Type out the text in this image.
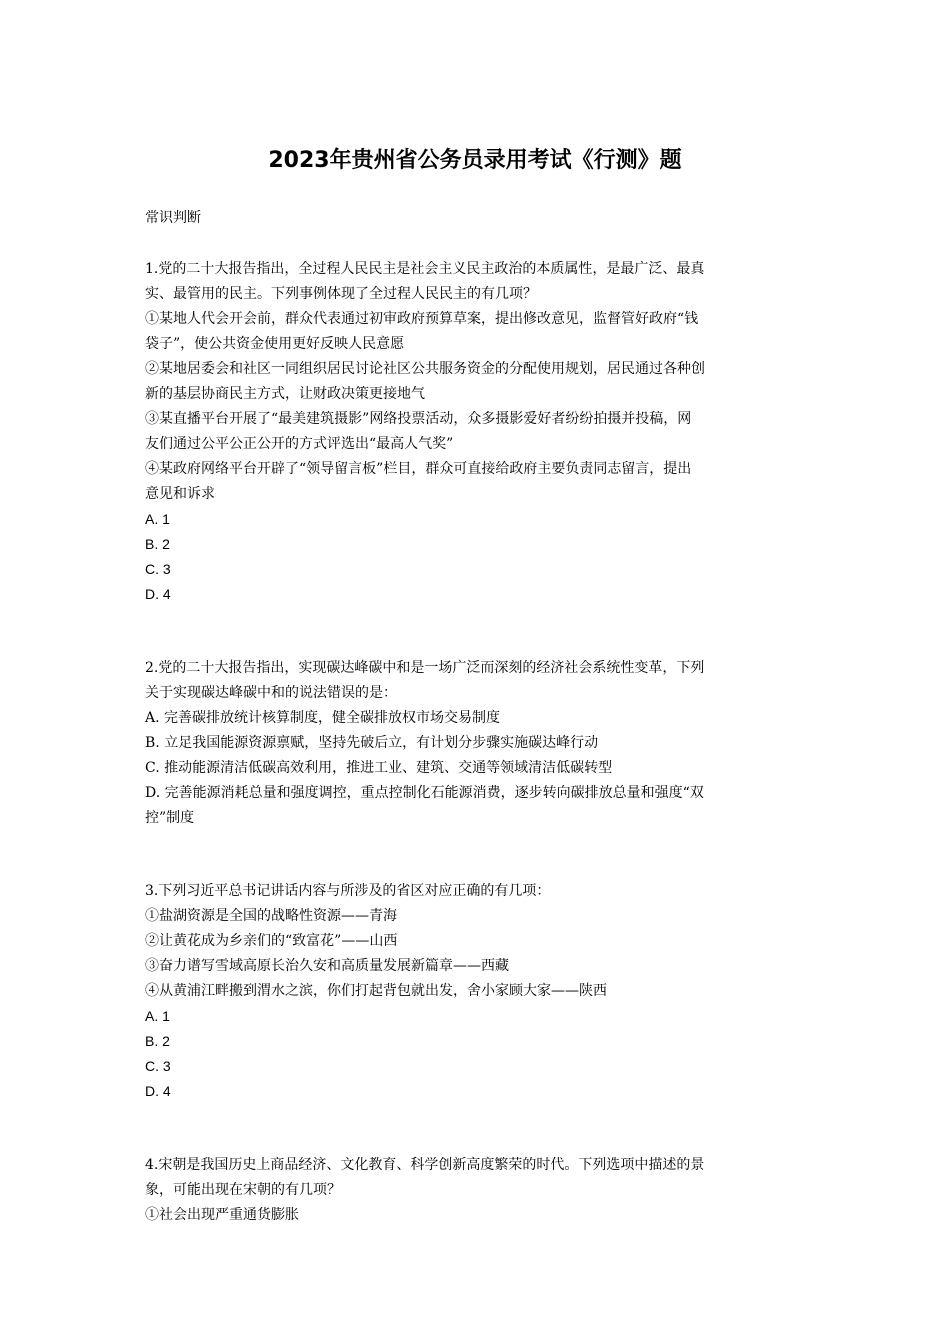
2023年贵州省公务员录用考试《行测》题
常识判断
1.党的二十大报告指出，全过程人民民主是社会主义民主政治的本质属性，是最广泛、最真
实、最管用的民主。下列事例体现了全过程人民民主的有几项？
①某地人代会开会前，群众代表通过初审政府预算草案，提出修改意见，监督管好政府“钱
袋子”，使公共资金使用更好反映人民意愿
②某地居委会和社区一同组织居民讨论社区公共服务资金的分配使用规划，居民通过各种创
新的基层协商民主方式，让财政决策更接地气
③某直播平台开展了“最美建筑摄影”网络投票活动，众多摄影爱好者纷纷拍摄并投稿，网
友们通过公平公正公开的方式评选出“最高人气奖”
④某政府网络平台开辟了“领导留言板”栏目，群众可直接给政府主要负责同志留言，提出
意见和诉求
A. 1
B. 2
C. 3
D. 4
2.党的二十大报告指出，实现碳达峰碳中和是一场广泛而深刻的经济社会系统性变革，下列
关于实现碳达峰碳中和的说法错误的是：
A. 完善碳排放统计核算制度，健全碳排放权市场交易制度
B. 立足我国能源资源禀赋，坚持先破后立，有计划分步骤实施碳达峰行动
C. 推动能源清洁低碳高效利用，推进工业、建筑、交通等领域清洁低碳转型
D. 完善能源消耗总量和强度调控，重点控制化石能源消费，逐步转向碳排放总量和强度“双
控”制度
3.下列习近平总书记讲话内容与所涉及的省区对应正确的有几项：
①盐湖资源是全国的战略性资源——青海
②让黄花成为乡亲们的“致富花”——山西
③奋力谱写雪域高原长治久安和高质量发展新篇章——西藏
④从黄浦江畔搬到渭水之滨，你们打起背包就出发，舍小家顾大家——陕西
A. 1
B. 2
C. 3
D. 4
4.宋朝是我国历史上商品经济、文化教育、科学创新高度繁荣的时代。下列选项中描述的景
象，可能出现在宋朝的有几项？
①社会出现严重通货膨胀
